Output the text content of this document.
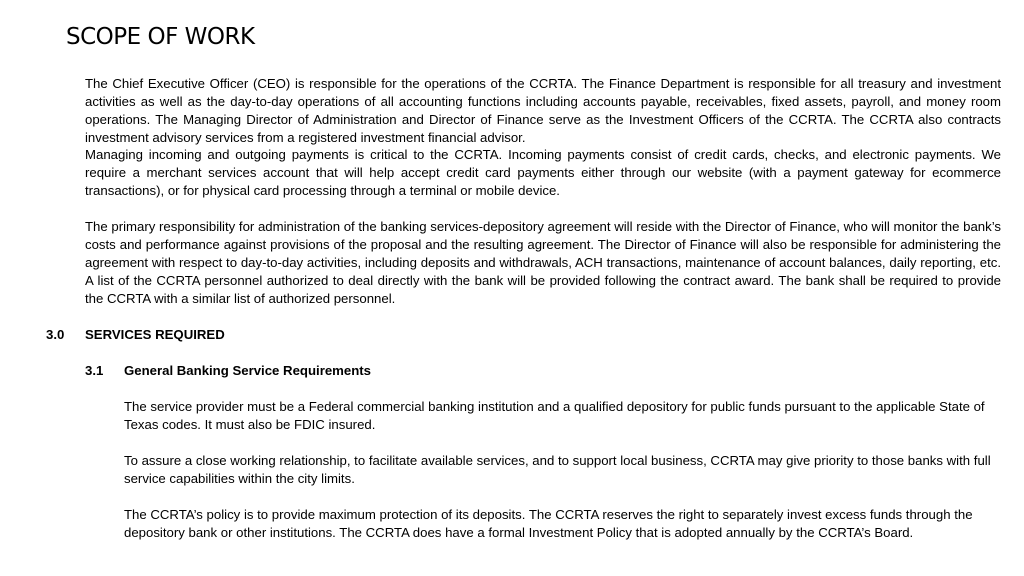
SCOPE OF WORK

The Chief Executive Officer (CEO) is responsible for the operations of the CCRTA. The Finance Department is responsible for all treasury and investment activities as well as the day-to-day operations of all accounting functions including accounts payable, receivables, fixed assets, payroll, and money room operations. The Managing Director of Administration and Director of Finance serve as the Investment Officers of the CCRTA. The CCRTA also contracts investment advisory services from a registered investment financial advisor.

Managing incoming and outgoing payments is critical to the CCRTA. Incoming payments consist of credit cards, checks, and electronic payments. We require a merchant services account that will help accept credit card payments either through our website (with a payment gateway for ecommerce transactions), or for physical card processing through a terminal or mobile device.

The primary responsibility for administration of the banking services-depository agreement will reside with the Director of Finance, who will monitor the bank’s costs and performance against provisions of the proposal and the resulting agreement. The Director of Finance will also be responsible for administering the agreement with respect to day-to-day activities, including deposits and withdrawals, ACH transactions, maintenance of account balances, daily reporting, etc. A list of the CCRTA personnel authorized to deal directly with the bank will be provided following the contract award. The bank shall be required to provide the CCRTA with a similar list of authorized personnel.

3.0 SERVICES REQUIRED
3.1 General Banking Service Requirements

The service provider must be a Federal commercial banking institution and a qualified depository for public funds pursuant to the applicable State of Texas codes. It must also be FDIC insured.

To assure a close working relationship, to facilitate available services, and to support local business, CCRTA may give priority to those banks with full service capabilities within the city limits.

The CCRTA’s policy is to provide maximum protection of its deposits. The CCRTA reserves the right to separately invest excess funds through the depository bank or other institutions. The CCRTA does have a formal Investment Policy that is adopted annually by the CCRTA’s Board.
